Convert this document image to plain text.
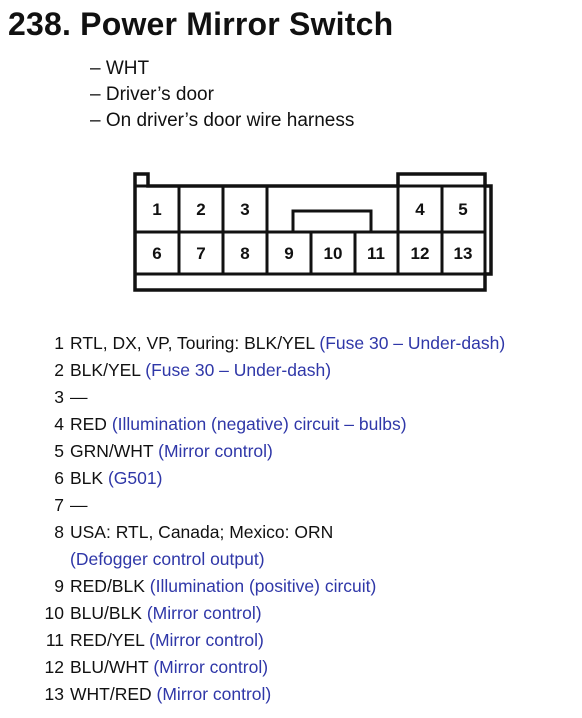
238. Power Mirror Switch
– WHT
– Driver’s door
– On driver’s door wire harness
1 2 3	4 5
6 7 8 9 10 11 12 13
1 RTL, DX, VP, Touring: BLK/YEL (Fuse 30 – Under-dash)
2 BLK/YEL (Fuse 30 – Under-dash)
3 —
4 RED (Illumination (negative) circuit – bulbs)
5 GRN/WHT (Mirror control)
6 BLK (G501)
7 —
8 USA: RTL, Canada; Mexico: ORN
(Defogger control output)
9 RED/BLK (Illumination (positive) circuit)
10 BLU/BLK (Mirror control)
11 RED/YEL (Mirror control)
12 BLU/WHT (Mirror control)
13 WHT/RED (Mirror control)
